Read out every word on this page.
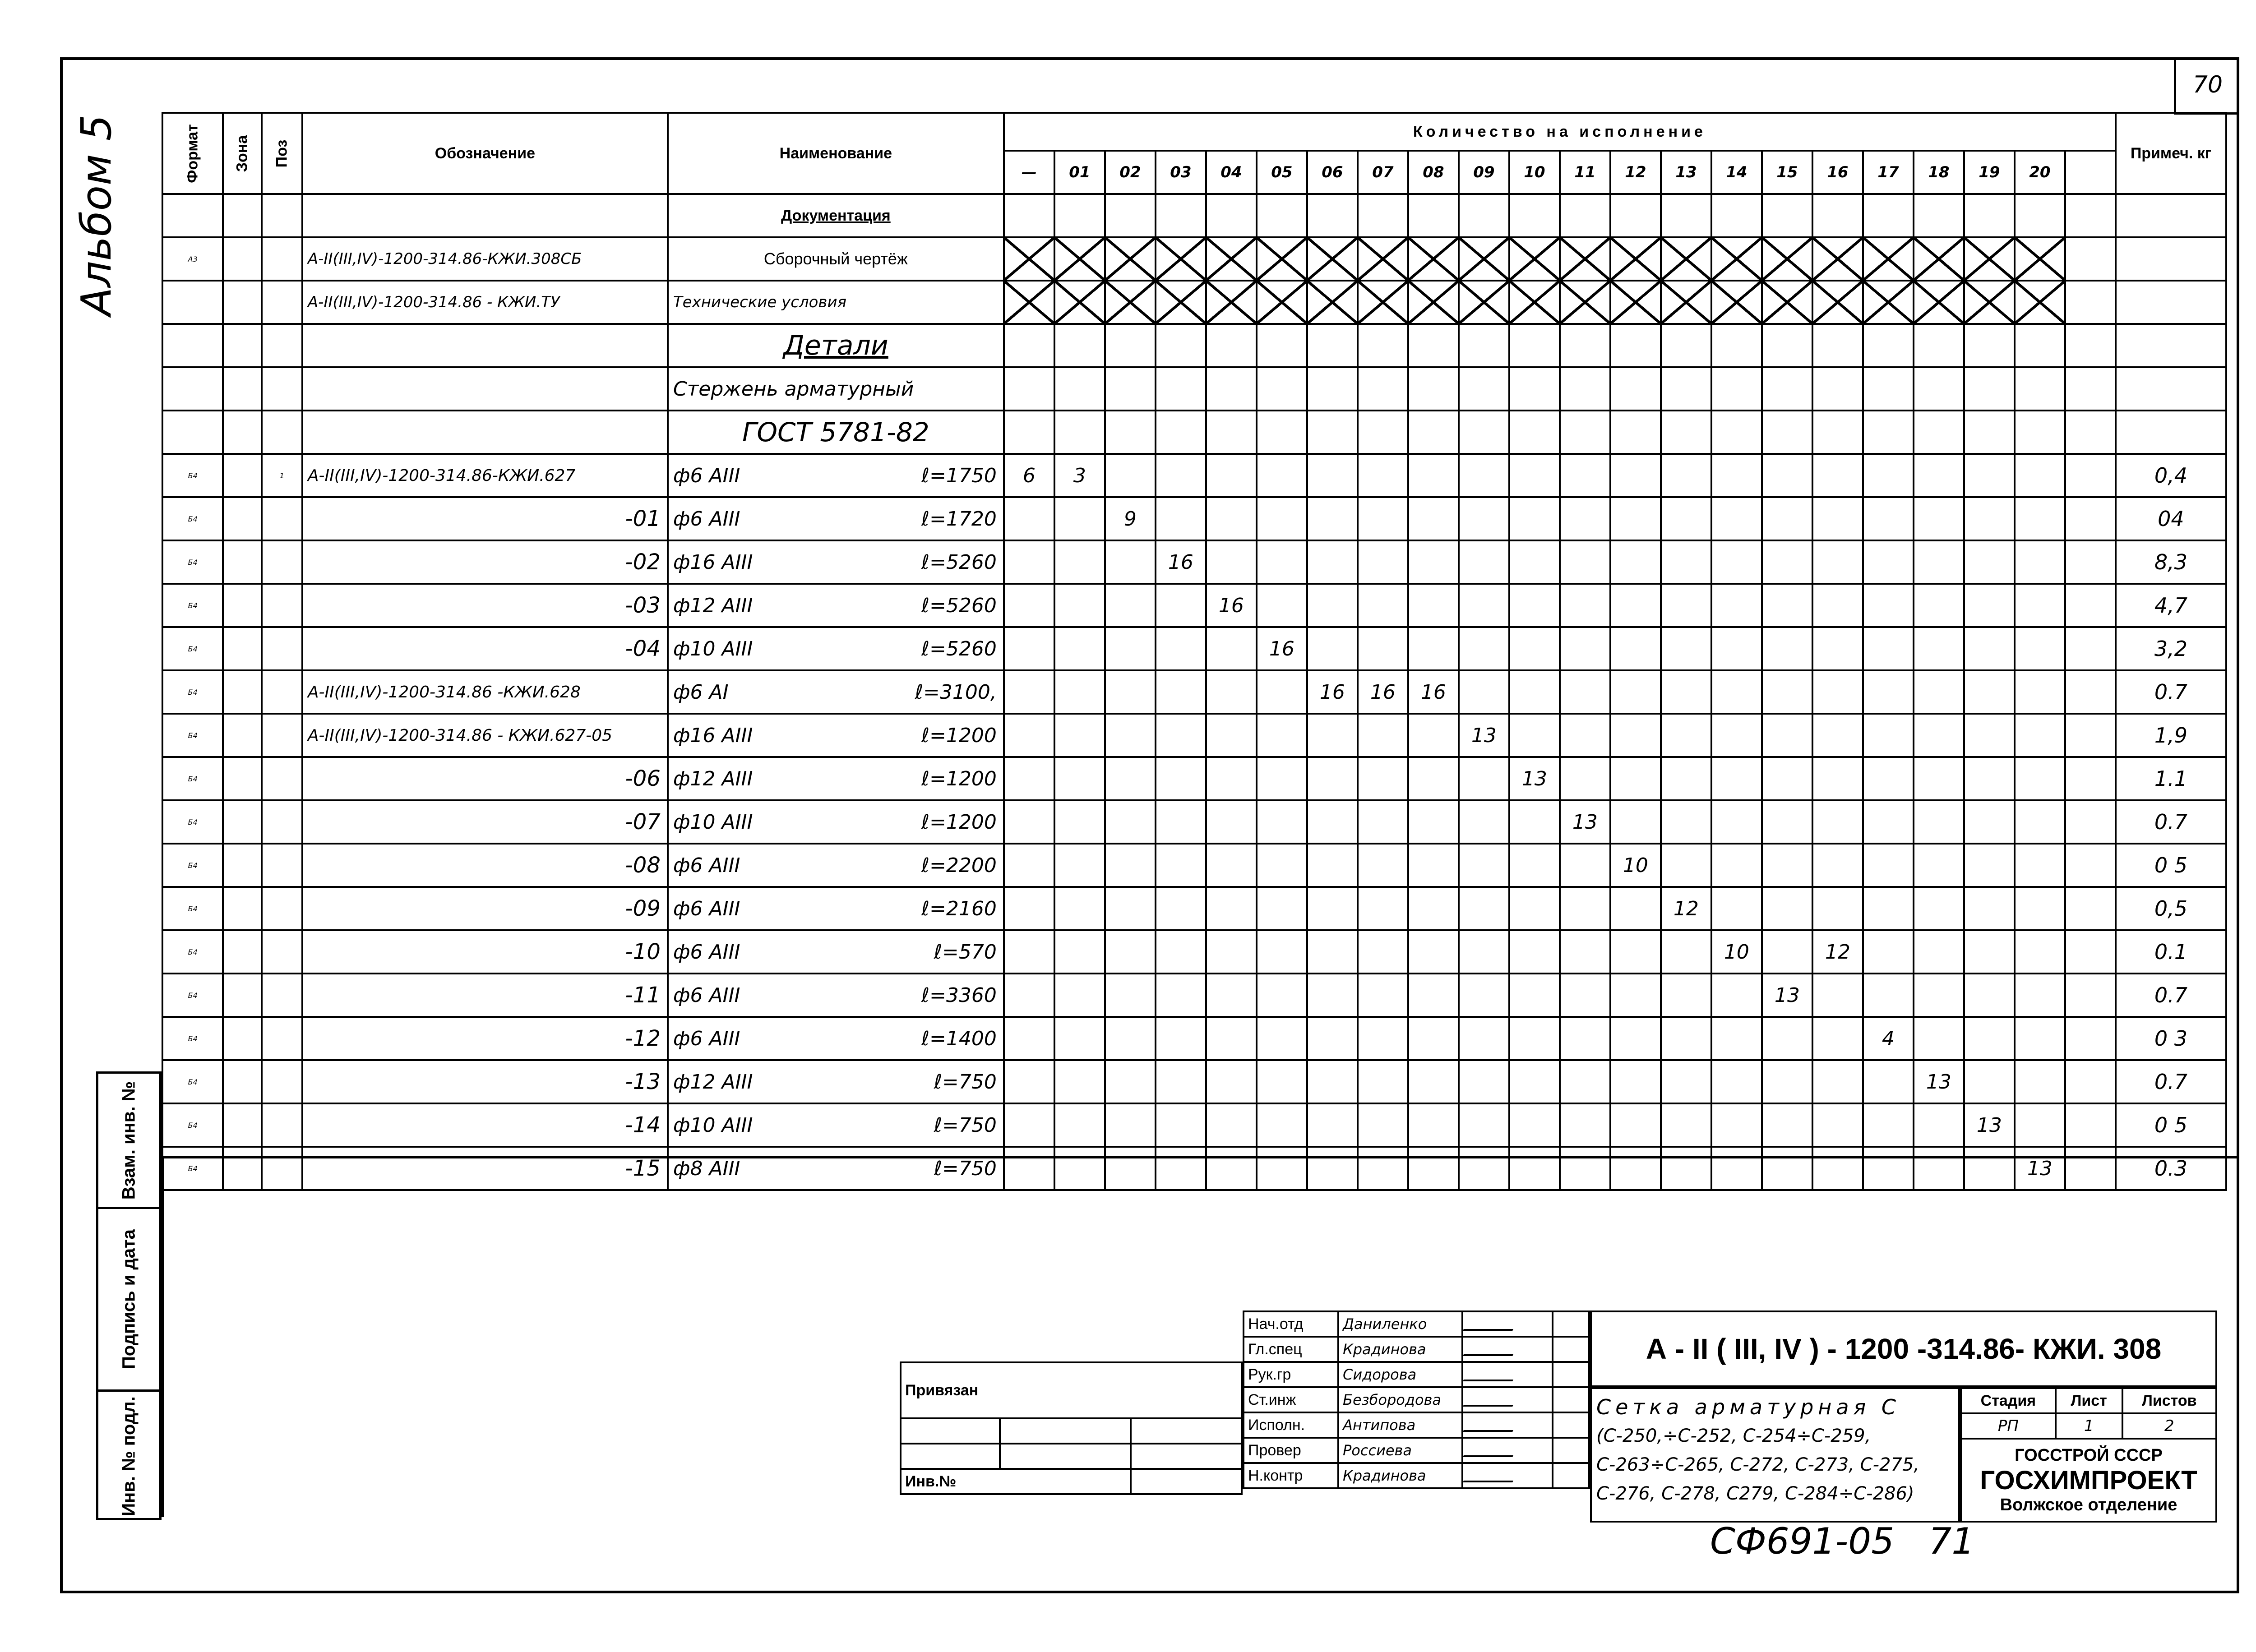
70
Альбом 5
Взам. инв. №
Подпись и дата
Инв. № подл.
Формат	Зона	Поз	Обозначение	Наименование	Количество на исполнение																						Примеч. кг
					—	01	02	03	04	05	06	07	08	09	10	11	12	13	14	15	16	17	18	19	20		
				Документация																							
А3			А-II(III,IV)-1200-314.86-КЖИ.308СБ	Сборочный чертёж																							
			А-II(III,IV)-1200-314.86 - КЖИ.ТУ	Технические условия																							
				Детали																							
				Стержень арматурный																							
				ГОСТ 5781-82																							
Б4		1	А-II(III,IV)-1200-314.86-КЖИ.627	ф6 АIII ℓ=1750	6	3																					0,4
Б4			-01	ф6 АIII ℓ=1720			9																				04
Б4			-02	ф16 АIII ℓ=5260				16																			8,3
Б4			-03	ф12 АIII ℓ=5260					16																		4,7
Б4			-04	ф10 АIII ℓ=5260						16																	3,2
Б4			А-II(III,IV)-1200-314.86 -КЖИ.628	ф6 АI ℓ=3100,							16	16	16														0.7
Б4			А-II(III,IV)-1200-314.86 - КЖИ.627-05	ф16 АIII ℓ=1200										13													1,9
Б4			-06	ф12 АIII ℓ=1200											13												1.1
Б4			-07	ф10 АIII ℓ=1200												13											0.7
Б4			-08	ф6 АIII ℓ=2200													10										0 5
Б4			-09	ф6 АIII ℓ=2160														12									0,5
Б4			-10	ф6 АIII ℓ=570															10		12						0.1
Б4			-11	ф6 АIII ℓ=3360																13							0.7
Б4			-12	ф6 АIII ℓ=1400																		4					0 3
Б4			-13	ф12 АIII ℓ=750																			13				0.7
Б4			-14	ф10 АIII ℓ=750																				13			0 5
Б4			-15	ф8 АIII ℓ=750																					13		0.3
Привязан		

Инв.№		
Нач.отд	Даниленко		
Гл.спец	Крадинова		
Рук.гр	Сидорова		
Ст.инж	Безбородова		
Исполн.	Антипова		
Провер	Россиева		
Н.контр	Крадинова		
А - II ( III, IV ) - 1200 -314.86- КЖИ. 308
Сетка арматурная С
(С-250,÷С-252, С-254÷С-259,
С-263÷С-265, С-272, С-273, С-275,
С-276, С-278, С279, С-284÷С-286)
Стадия	Лист	Листов
РП	1	2

ГОССТРОЙ СССР
ГОСХИМПРОЕКТ
Волжское отделение		
СФ691-05   71
